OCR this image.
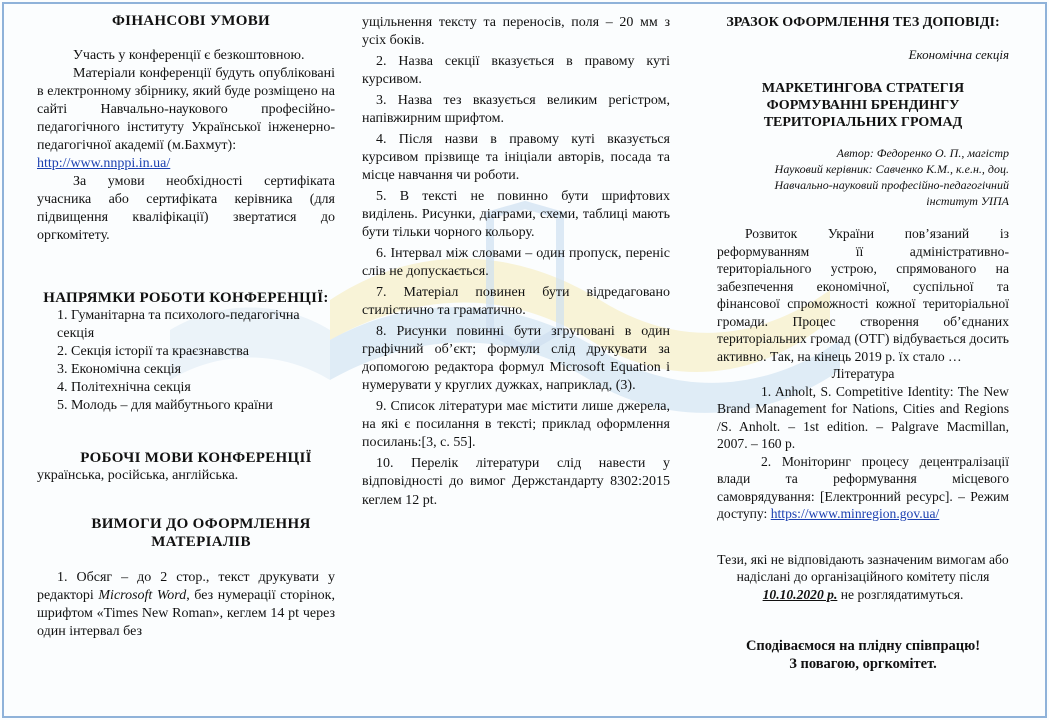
ФІНАНСОВІ УМОВИ

Участь у конференції є безкоштовною.

Матеріали конференції будуть опубліковані в електронному збірнику, який буде розміщено на сайті Навчально-наукового професійно-педагогічного інституту Української інженерно-педагогічної академії (м.Бахмут):
http://www.nnppi.in.ua/

За умови необхідності сертифіката учасника або сертифіката керівника (для підвищення кваліфікації) звертатися до оргкомітету.

НАПРЯМКИ РОБОТИ КОНФЕРЕНЦІЇ:

1. Гуманітарна та психолого-педагогічна секція
2. Секція історії та краєзнавства
3. Економічна секція
4. Політехнічна секція
5. Молодь – для майбутнього країни

РОБОЧІ МОВИ КОНФЕРЕНЦІЇ

українська, російська, англійська.

ВИМОГИ ДО ОФОРМЛЕННЯ МАТЕРІАЛІВ

1. Обсяг – до 2 стор., текст друкувати у редакторі Microsoft Word, без нумерації сторінок, шрифтом «Times New Roman», кеглем 14 pt через один інтервал без

ущільнення тексту та переносів, поля – 20 мм з усіх боків.

2. Назва секції вказується в правому куті курсивом.

3. Назва тез вказується великим регістром, напівжирним шрифтом.

4. Після назви в правому куті вказується курсивом прізвище та ініціали авторів, посада та місце навчання чи роботи.

5. В тексті не повинно бути шрифтових виділень. Рисунки, діаграми, схеми, таблиці мають бути тільки чорного кольору.

6. Інтервал між словами – один пропуск, переніс слів не допускається.

7. Матеріал повинен бути відредаговано стилістично та граматично.

8. Рисунки повинні бути згруповані в один графічний об’єкт; формули слід друкувати за допомогою редактора формул Microsoft Equation і нумерувати у круглих дужках, наприклад, (3).

9. Список літератури має містити лише джерела, на які є посилання в тексті; приклад оформлення посилань:[3, с. 55].

10. Перелік літератури слід навести у відповідності до вимог Держстандарту 8302:2015 кеглем 12 pt.

ЗРАЗОК ОФОРМЛЕННЯ ТЕЗ ДОПОВІДІ:

Економічна секція

МАРКЕТИНГОВА СТРАТЕГІЯ ФОРМУВАННІ БРЕНДИНГУ ТЕРИТОРІАЛЬНИХ ГРОМАД

Автор: Федоренко О. П., магістр

Науковий керівник: Савченко К.М., к.е.н., доц.

Навчально-науковий професійно-педагогічний

інститут УІПА

Розвиток України пов’язаний із реформуванням її адміністративно-територіального устрою, спрямованого на забезпечення економічної, суспільної та фінансової спроможності кожної територіальної громади. Процес створення об’єднаних територіальних громад (ОТГ) відбувається досить активно. Так, на кінець 2019 р. їх стало …

Література

1. Anholt, S. Competitive Identity: The New Brand Management for Nations, Cities and Regions /S. Anholt. – 1st edition. – Palgrave Macmillan, 2007. – 160 p.

2. Моніторинг процесу децентралізації влади та реформування місцевого самоврядування: [Електронний ресурс]. – Режим доступу: https://www.minregion.gov.ua/

Тези, які не відповідають зазначеним вимогам або надіслані до організаційного комітету після 10.10.2020 р. не розглядатимуться.

Сподіваємося на плідну співпрацю!

З повагою, оргкомітет.
